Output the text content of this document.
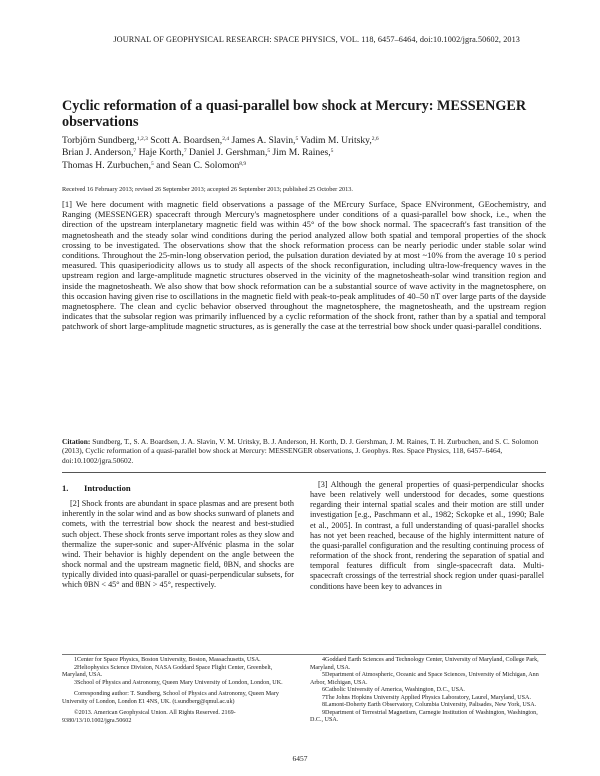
JOURNAL OF GEOPHYSICAL RESEARCH: SPACE PHYSICS, VOL. 118, 6457–6464, doi:10.1002/jgra.50602, 2013
Cyclic reformation of a quasi-parallel bow shock at Mercury: MESSENGER observations
Torbjörn Sundberg,$^{1,2,3}$ Scott A. Boardsen,$^{2,4}$ James A. Slavin,$^5$ Vadim M. Uritsky,$^{2,6}$
Brian J. Anderson,$^7$ Haje Korth,$^7$ Daniel J. Gershman,$^5$ Jim M. Raines,$^5$
Thomas H. Zurbuchen,$^5$ and Sean C. Solomon$^{8,9}$
Received 16 February 2013; revised 26 September 2013; accepted 26 September 2013; published 25 October 2013.
[1] We here document with magnetic field observations a passage of the MErcury Surface, Space ENvironment, GEochemistry, and Ranging (MESSENGER) spacecraft through Mercury's magnetosphere under conditions of a quasi-parallel bow shock, i.e., when the direction of the upstream interplanetary magnetic field was within 45° of the bow shock normal. The spacecraft's fast transition of the magnetosheath and the steady solar wind conditions during the period analyzed allow both spatial and temporal properties of the shock crossing to be investigated. The observations show that the shock reformation process can be nearly periodic under stable solar wind conditions. Throughout the 25-min-long observation period, the pulsation duration deviated by at most ~10% from the average 10 s period measured. This quasiperiodicity allows us to study all aspects of the shock reconfiguration, including ultra-low-frequency waves in the upstream region and large-amplitude magnetic structures observed in the vicinity of the magnetosheath-solar wind transition region and inside the magnetosheath. We also show that bow shock reformation can be a substantial source of wave activity in the magnetosphere, on this occasion having given rise to oscillations in the magnetic field with peak-to-peak amplitudes of 40–50 nT over large parts of the dayside magnetosphere. The clean and cyclic behavior observed throughout the magnetosphere, the magnetosheath, and the upstream region indicates that the subsolar region was primarily influenced by a cyclic reformation of the shock front, rather than by a spatial and temporal patchwork of short large-amplitude magnetic structures, as is generally the case at the terrestrial bow shock under quasi-parallel conditions.
Citation: Sundberg, T., S. A. Boardsen, J. A. Slavin, V. M. Uritsky, B. J. Anderson, H. Korth, D. J. Gershman, J. M. Raines, T. H. Zurbuchen, and S. C. Solomon (2013), Cyclic reformation of a quasi-parallel bow shock at Mercury: MESSENGER observations, J. Geophys. Res. Space Physics, 118, 6457–6464, doi:10.1002/jgra.50602.
1. Introduction
[2] Shock fronts are abundant in space plasmas and are present both inherently in the solar wind and as bow shocks sunward of planets and comets, with the terrestrial bow shock the nearest and best-studied such object. These shock fronts serve important roles as they slow and thermalize the super-sonic and super-Alfvénic plasma in the solar wind. Their behavior is highly dependent on the angle between the shock normal and the upstream magnetic field, θBN, and shocks are typically divided into quasi-parallel or quasi-perpendicular subsets, for which θBN < 45° and θBN > 45°, respectively.
[3] Although the general properties of quasi-perpendicular shocks have been relatively well understood for decades, some questions regarding their internal spatial scales and their motion are still under investigation [e.g., Paschmann et al., 1982; Sckopke et al., 1990; Bale et al., 2005]. In contrast, a full understanding of quasi-parallel shocks has not yet been reached, because of the highly intermittent nature of the quasi-parallel configuration and the resulting continuing process of reformation of the shock front, rendering the separation of spatial and temporal features difficult from single-spacecraft data. Multi-spacecraft crossings of the terrestrial shock region under quasi-parallel conditions have been key to advances in
1Center for Space Physics, Boston University, Boston, Massachusetts, USA.
2Heliophysics Science Division, NASA Goddard Space Flight Center, Greenbelt, Maryland, USA.
3School of Physics and Astronomy, Queen Mary University of London, London, UK.
Corresponding author: T. Sundberg, School of Physics and Astronomy, Queen Mary University of London, London E1 4NS, UK. (t.sundberg@qmul.ac.uk)
©2013. American Geophysical Union. All Rights Reserved. 2169-9380/13/10.1002/jgra.50602
4Goddard Earth Sciences and Technology Center, University of Maryland, College Park, Maryland, USA.
5Department of Atmospheric, Oceanic and Space Sciences, University of Michigan, Ann Arbor, Michigan, USA.
6Catholic University of America, Washington, D.C., USA.
7The Johns Hopkins University Applied Physics Laboratory, Laurel, Maryland, USA.
8Lamont-Doherty Earth Observatory, Columbia University, Palisades, New York, USA.
9Department of Terrestrial Magnetism, Carnegie Institution of Washington, Washington, D.C., USA.
6457
